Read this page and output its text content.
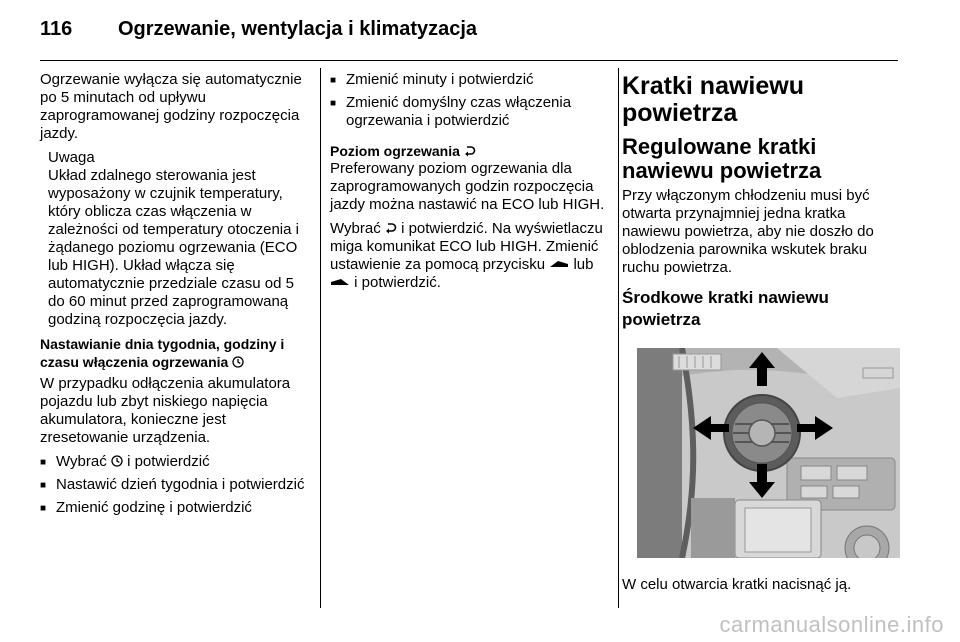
116 Ogrzewanie, wentylacja i klimatyzacja

Ogrzewanie wyłącza się automatycznie po 5 minutach od upływu zaprogramowanej godziny rozpoczęcia jazdy.

Uwaga

Układ zdalnego sterowania jest wyposażony w czujnik temperatury, który oblicza czas włączenia w zależności od temperatury otoczenia i żądanego poziomu ogrzewania (ECO lub HIGH). Układ włącza się automatycznie przedziale czasu od 5 do 60 minut przed zaprogramowaną godziną rozpoczęcia jazdy.

Nastawianie dnia tygodnia, godziny i czasu włączenia ogrzewania

W przypadku odłączenia akumulatora pojazdu lub zbyt niskiego napięcia akumulatora, konieczne jest zresetowanie urządzenia.

■ Wybrać i potwierdzić
■ Nastawić dzień tygodnia i potwierdzić
■ Zmienić godzinę i potwierdzić
■ Zmienić minuty i potwierdzić
■ Zmienić domyślny czas włączenia ogrzewania i potwierdzić
Poziom ogrzewania

Preferowany poziom ogrzewania dla zaprogramowanych godzin rozpoczęcia jazdy można nastawić na ECO lub HIGH.

Wybrać i potwierdzić. Na wyświetlaczu miga komunikat ECO lub HIGH. Zmienić ustawienie za pomocą przycisku lub  i potwierdzić.

Kratki nawiewu powietrza
Regulowane kratki nawiewu powietrza

Przy włączonym chłodzeniu musi być otwarta przynajmniej jedna kratka nawiewu powietrza, aby nie doszło do oblodzenia parownika wskutek braku ruchu powietrza.

Środkowe kratki nawiewu powietrza
W celu otwarcia kratki nacisnąć ją.
carmanualsonline.info
